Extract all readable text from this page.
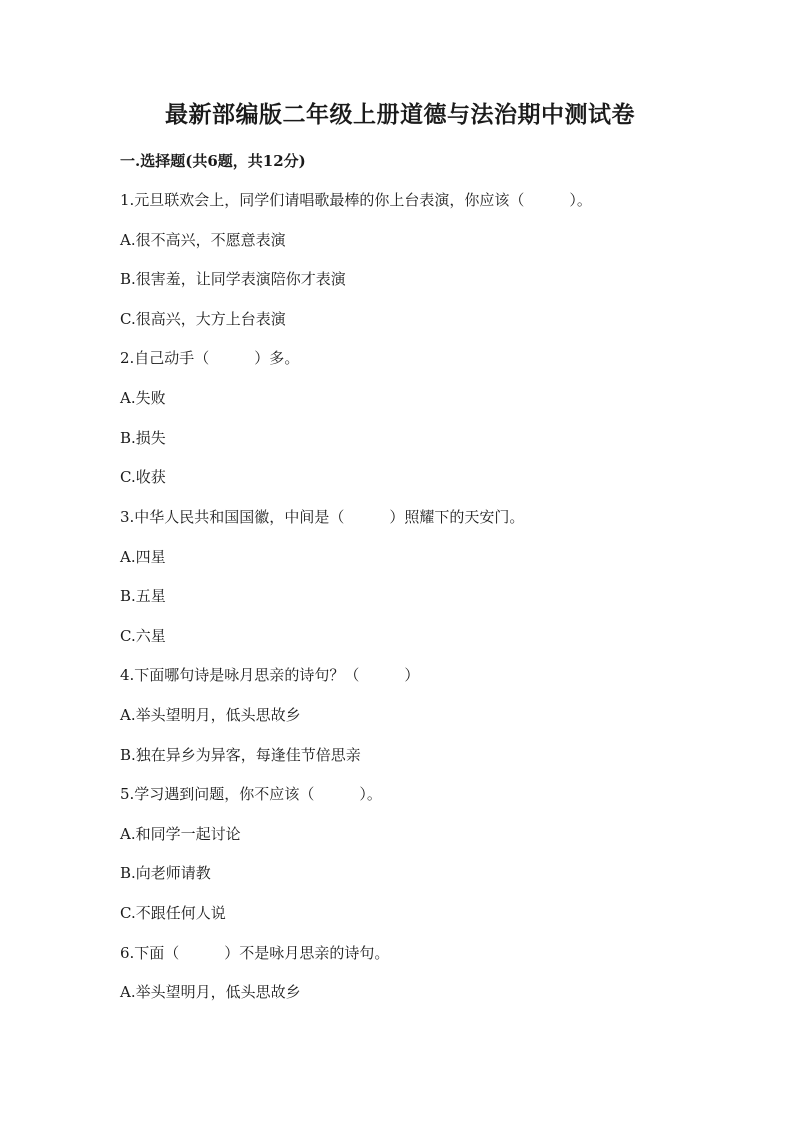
最新部编版二年级上册道德与法治期中测试卷
一.选择题(共6题，共12分)
1.元旦联欢会上，同学们请唱歌最棒的你上台表演，你应该（　　　）。
A.很不高兴，不愿意表演
B.很害羞，让同学表演陪你才表演
C.很高兴，大方上台表演
2.自己动手（　　　）多。
A.失败
B.损失
C.收获
3.中华人民共和国国徽，中间是（　　　）照耀下的天安门。
A.四星
B.五星
C.六星
4.下面哪句诗是咏月思亲的诗句？（　　　）
A.举头望明月，低头思故乡
B.独在异乡为异客，每逢佳节倍思亲
5.学习遇到问题，你不应该（　　　）。
A.和同学一起讨论
B.向老师请教
C.不跟任何人说
6.下面（　　　）不是咏月思亲的诗句。
A.举头望明月，低头思故乡
